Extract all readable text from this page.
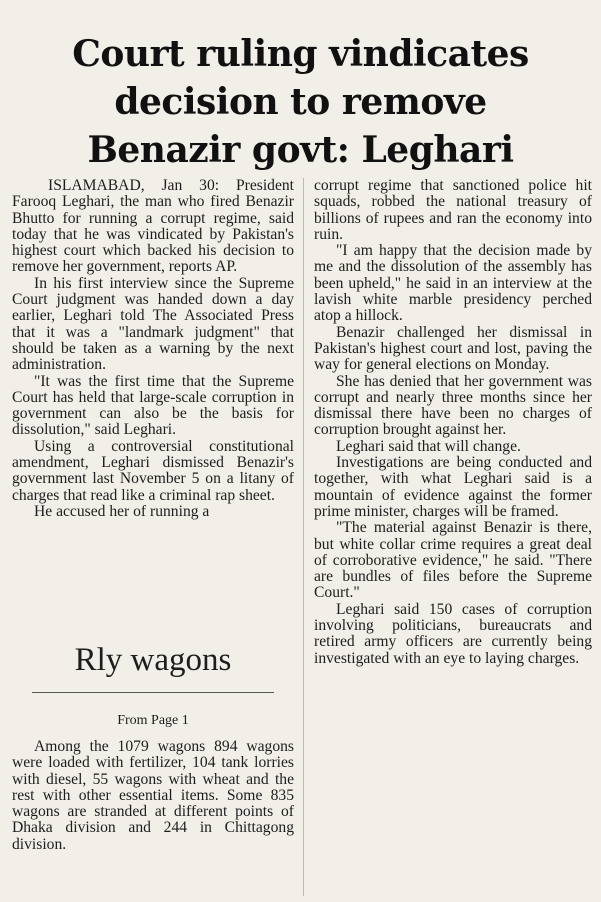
Court ruling vindicates
decision to remove
Benazir govt: Leghari

ISLAMABAD, Jan 30: President Farooq Leghari, the man who fired Benazir Bhutto for running a corrupt regime, said today that he was vindicated by Pakistan's highest court which backed his decision to remove her government, reports AP.

In his first interview since the Supreme Court judgment was handed down a day earlier, Leghari told The Associated Press that it was a "landmark judgment" that should be taken as a warning by the next administration.

"It was the first time that the Supreme Court has held that large-scale corruption in government can also be the basis for dissolution," said Leghari.

Using a controversial constitutional amendment, Leghari dismissed Benazir's government last November 5 on a litany of charges that read like a criminal rap sheet.

He accused her of running a

corrupt regime that sanctioned police hit squads, robbed the national treasury of billions of rupees and ran the economy into ruin.

"I am happy that the decision made by me and the dissolution of the assembly has been upheld," he said in an interview at the lavish white marble presidency perched atop a hillock.

Benazir challenged her dismissal in Pakistan's highest court and lost, paving the way for general elections on Monday.

She has denied that her government was corrupt and nearly three months since her dismissal there have been no charges of corruption brought against her.

Leghari said that will change.

Investigations are being conducted and together, with what Leghari said is a mountain of evidence against the former prime minister, charges will be framed.

"The material against Benazir is there, but white collar crime requires a great deal of corroborative evidence," he said. "There are bundles of files before the Supreme Court."

Leghari said 150 cases of corruption involving politicians, bureaucrats and retired army officers are currently being investigated with an eye to laying charges.

Rly wagons
From Page 1

Among the 1079 wagons 894 wagons were loaded with fertilizer, 104 tank lorries with diesel, 55 wagons with wheat and the rest with other essential items. Some 835 wagons are stranded at different points of Dhaka division and 244 in Chittagong division.
